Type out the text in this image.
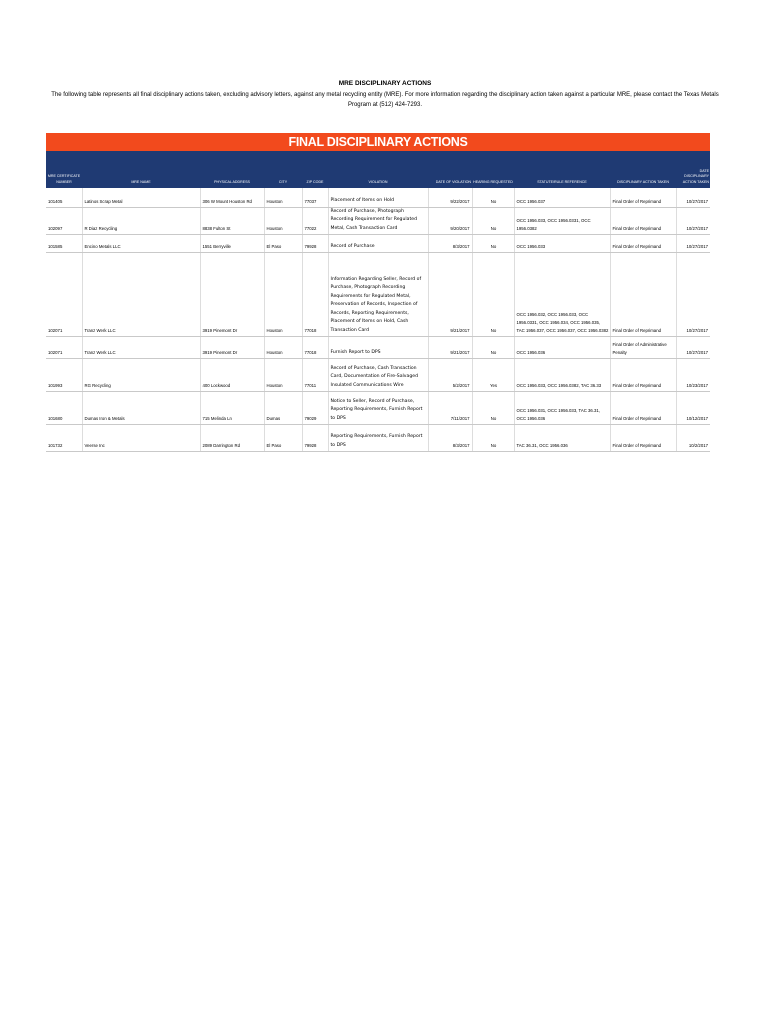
MRE DISCIPLINARY ACTIONS
The following table represents all final disciplinary actions taken, excluding advisory letters, against any metal recycling entity (MRE). For more information regarding the disciplinary action taken against a particular MRE, please contact the Texas Metals Program at (512) 424-7293.
FINAL DISCIPLINARY ACTIONS
MRE CERTIFICATE NUMBER	MRE NAME	PHYSICAL ADDRESS	CITY	ZIP CODE	VIOLATION	DATE OF VIOLATION	HEARING REQUESTED	STATUTE/RULE REFERENCE	DISCIPLINARY ACTION TAKEN	DATE DISCIPLINARY ACTION TAKEN
101405	Latinos Scrap Metal	306 W Mount Houston Rd	Houston	77037	Placement of Items on Hold	9/22/2017	No	OCC 1956.037	Final Order of Reprimand	10/27/2017
102097	R Diaz Recycling	8838 Fulton St	Houston	77022	Record of Purchase, Photograph Recording Requirement for Regulated Metal, Cash Transaction Card	9/20/2017	No	OCC 1956.033, OCC 1956.0331, OCC 1956.0382	Final Order of Reprimand	10/27/2017
101585	Encino Metals LLC	1551 Berryville	El Paso	79928	Record of Purchase	8/3/2017	No	OCC 1956.033	Final Order of Reprimand	10/27/2017
102071	Tranz Werk LLC	3919 Pinemont Dr	Houston	77018	Information Regarding Seller, Record of Purchase, Photograph Recording Requirements for Regulated Metal, Preservation of Records, Inspection of Records, Reporting Requirements, Placement of Items on Hold, Cash Transaction Card	9/21/2017	No	OCC 1956.032, OCC 1956.033, OCC 1956.0331, OCC 1956.034, OCC 1956.035, TAC 1956.037, OCC 1956.037, OCC 1956.0382	Final Order of Reprimand	10/27/2017
102071	Tranz Werk LLC	3919 Pinemont Dr	Houston	77018	Furnish Report to DPS	9/21/2017	No	OCC 1956.036	Final Order of Administrative Penalty	10/27/2017
101993	RG Recycling	400 Lockwood	Houston	77011	Record of Purchase, Cash Transaction Card, Documentation of Fire-Salvaged Insulated Communications Wire	5/2/2017	Yes	OCC 1956.033, OCC 1956.0382, TAC 36.33	Final Order of Reprimand	10/23/2017
101680	Dumas Iron & Metals	715 Melinda Ln	Dumas	79029	Notice to Seller, Record of Purchase, Reporting Requirements, Furnish Report to DPS	7/11/2017	No	OCC 1956.031, OCC 1956.033, TAC 36.31, OCC 1956.036	Final Order of Reprimand	10/12/2017
101732	Veerse Inc	2089 Darrington Rd	El Paso	79928	Reporting Requirements, Furnish Report to DPS	8/3/2017	No	TAC 36.31, OCC 1956.036	Final Order of Reprimand	10/2/2017
